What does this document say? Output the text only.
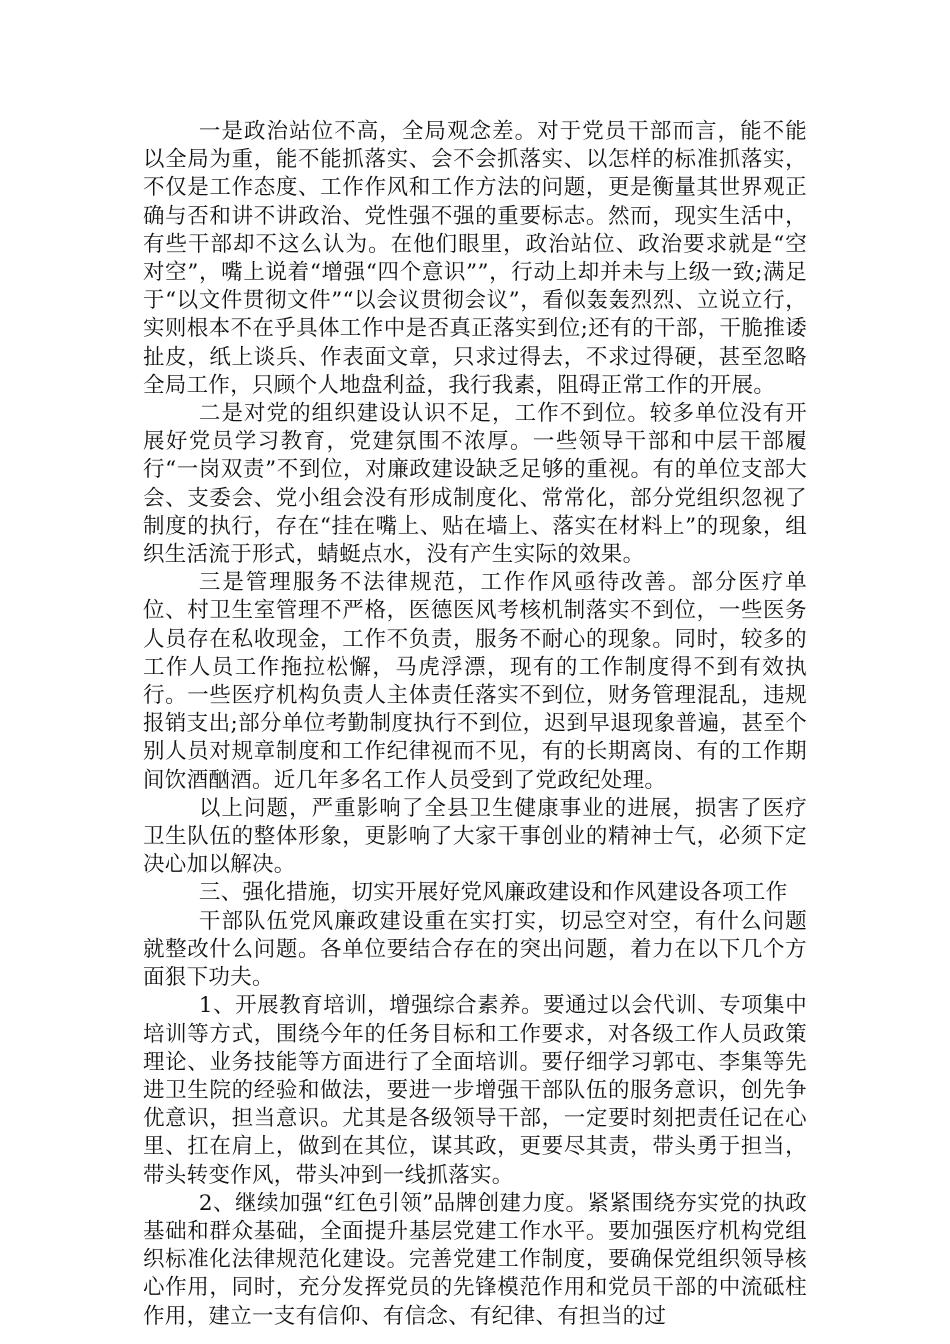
一是政治站位不高，全局观念差。对于党员干部而言，能不能以全局为重，能不能抓落实、会不会抓落实、以怎样的标准抓落实，不仅是工作态度、工作作风和工作方法的问题，更是衡量其世界观正确与否和讲不讲政治、党性强不强的重要标志。然而，现实生活中，有些干部却不这么认为。在他们眼里，政治站位、政治要求就是“空对空”，嘴上说着“增强“四个意识””，行动上却并未与上级一致;满足于“以文件贯彻文件”“以会议贯彻会议”，看似轰轰烈烈、立说立行，实则根本不在乎具体工作中是否真正落实到位;还有的干部，干脆推诿扯皮，纸上谈兵、作表面文章，只求过得去，不求过得硬，甚至忽略全局工作，只顾个人地盘利益，我行我素，阻碍正常工作的开展。

二是对党的组织建设认识不足，工作不到位。较多单位没有开展好党员学习教育，党建氛围不浓厚。一些领导干部和中层干部履行“一岗双责”不到位，对廉政建设缺乏足够的重视。有的单位支部大会、支委会、党小组会没有形成制度化、常常化，部分党组织忽视了制度的执行，存在“挂在嘴上、贴在墙上、落实在材料上”的现象，组织生活流于形式，蜻蜓点水，没有产生实际的效果。

三是管理服务不法律规范，工作作风亟待改善。部分医疗单位、村卫生室管理不严格，医德医风考核机制落实不到位，一些医务人员存在私收现金，工作不负责，服务不耐心的现象。同时，较多的工作人员工作拖拉松懈，马虎浮漂，现有的工作制度得不到有效执行。一些医疗机构负责人主体责任落实不到位，财务管理混乱，违规报销支出;部分单位考勤制度执行不到位，迟到早退现象普遍，甚至个别人员对规章制度和工作纪律视而不见，有的长期离岗、有的工作期间饮酒酗酒。近几年多名工作人员受到了党政纪处理。

以上问题，严重影响了全县卫生健康事业的进展，损害了医疗卫生队伍的整体形象，更影响了大家干事创业的精神士气，必须下定决心加以解决。

三、强化措施，切实开展好党风廉政建设和作风建设各项工作

干部队伍党风廉政建设重在实打实，切忌空对空，有什么问题就整改什么问题。各单位要结合存在的突出问题，着力在以下几个方面狠下功夫。

1、开展教育培训，增强综合素养。要通过以会代训、专项集中培训等方式，围绕今年的任务目标和工作要求，对各级工作人员政策理论、业务技能等方面进行了全面培训。要仔细学习郭屯、李集等先进卫生院的经验和做法，要进一步增强干部队伍的服务意识，创先争优意识，担当意识。尤其是各级领导干部，一定要时刻把责任记在心里、扛在肩上，做到在其位，谋其政，更要尽其责，带头勇于担当，带头转变作风，带头冲到一线抓落实。

2、继续加强“红色引领”品牌创建力度。紧紧围绕夯实党的执政基础和群众基础，全面提升基层党建工作水平。要加强医疗机构党组织标准化法律规范化建设。完善党建工作制度，要确保党组织领导核心作用，同时，充分发挥党员的先锋模范作用和党员干部的中流砥柱作用，建立一支有信仰、有信念、有纪律、有担当的过
